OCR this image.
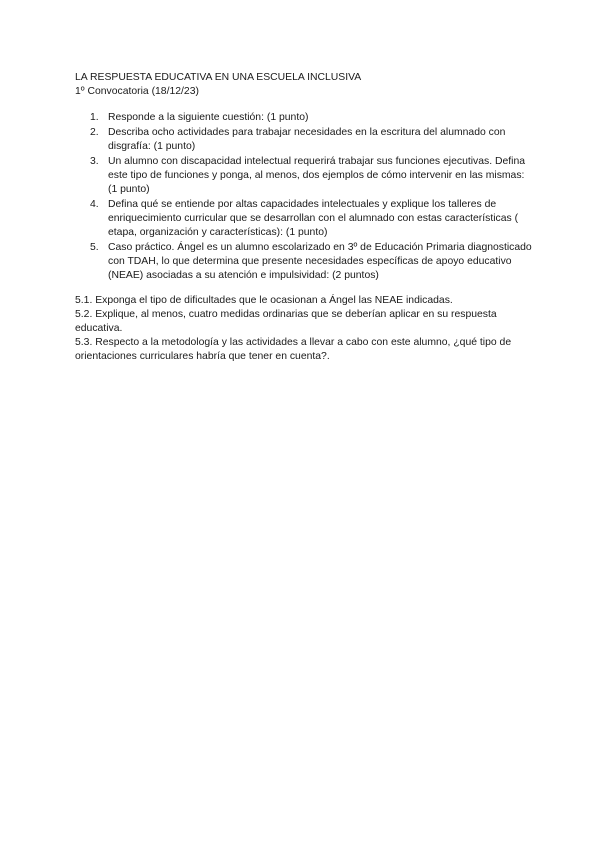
LA RESPUESTA EDUCATIVA EN UNA ESCUELA INCLUSIVA

1º Convocatoria (18/12/23)

1. Responde a la siguiente cuestión: (1 punto)
2. Describa ocho actividades para trabajar necesidades en la escritura del alumnado con disgrafía: (1 punto)
3. Un alumno con discapacidad intelectual requerirá trabajar sus funciones ejecutivas. Defina este tipo de funciones y ponga, al menos, dos ejemplos de cómo intervenir en las mismas: (1 punto)
4. Defina qué se entiende por altas capacidades intelectuales y explique los talleres de enriquecimiento curricular que se desarrollan con el alumnado con estas características ( etapa, organización y características): (1 punto)
5. Caso práctico. Ángel es un alumno escolarizado en 3º de Educación Primaria diagnosticado con TDAH, lo que determina que presente necesidades específicas de apoyo educativo (NEAE) asociadas a su atención e impulsividad: (2 puntos)

5.1. Exponga el tipo de dificultades que le ocasionan a Ángel las NEAE indicadas.

5.2. Explique, al menos, cuatro medidas ordinarias que se deberían aplicar en su respuesta educativa.

5.3. Respecto a la metodología y las actividades a llevar a cabo con este alumno, ¿qué tipo de orientaciones curriculares habría que tener en cuenta?.
